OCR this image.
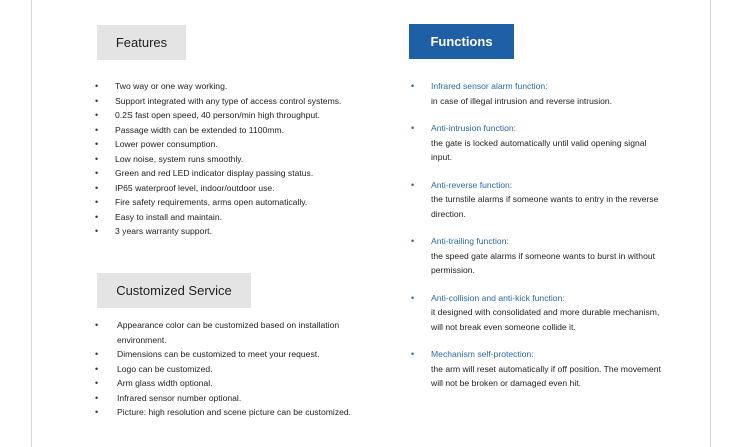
Features
• Two way or one way working.
• Support integrated with any type of access control systems.
• 0.2S fast open speed, 40 person/min high throughput.
• Passage width can be extended to 1100mm.
• Lower power consumption.
• Low noise, system runs smoothly.
• Green and red LED indicator display passing status.
• IP65 waterproof level, indoor/outdoor use.
• Fire safety requirements, arms open automatically.
• Easy to install and maintain.
• 3 years warranty support.
Customized Service
• Appearance color can be customized based on installation environment.
• Dimensions can be customized to meet your request.
• Logo can be customized.
• Arm glass width optional.
• Infrared sensor number optional.
• Picture: high resolution and scene picture can be customized.
Functions
• Infrared sensor alarm function:
in case of illegal intrusion and reverse intrusion.
• Anti-intrusion function:
the gate is locked automatically until valid opening signal input.
• Anti-reverse function:
the turnstile alarms if someone wants to entry in the reverse direction.
• Anti-trailing function:
the speed gate alarms if someone wants to burst in without permission.
• Anti-collision and anti-kick function:
it designed with consolidated and more durable mechanism, will not break even someone collide it.
• Mechanism self-protection:
the arm will reset automatically if off position. The movement will not be broken or damaged even hit.
